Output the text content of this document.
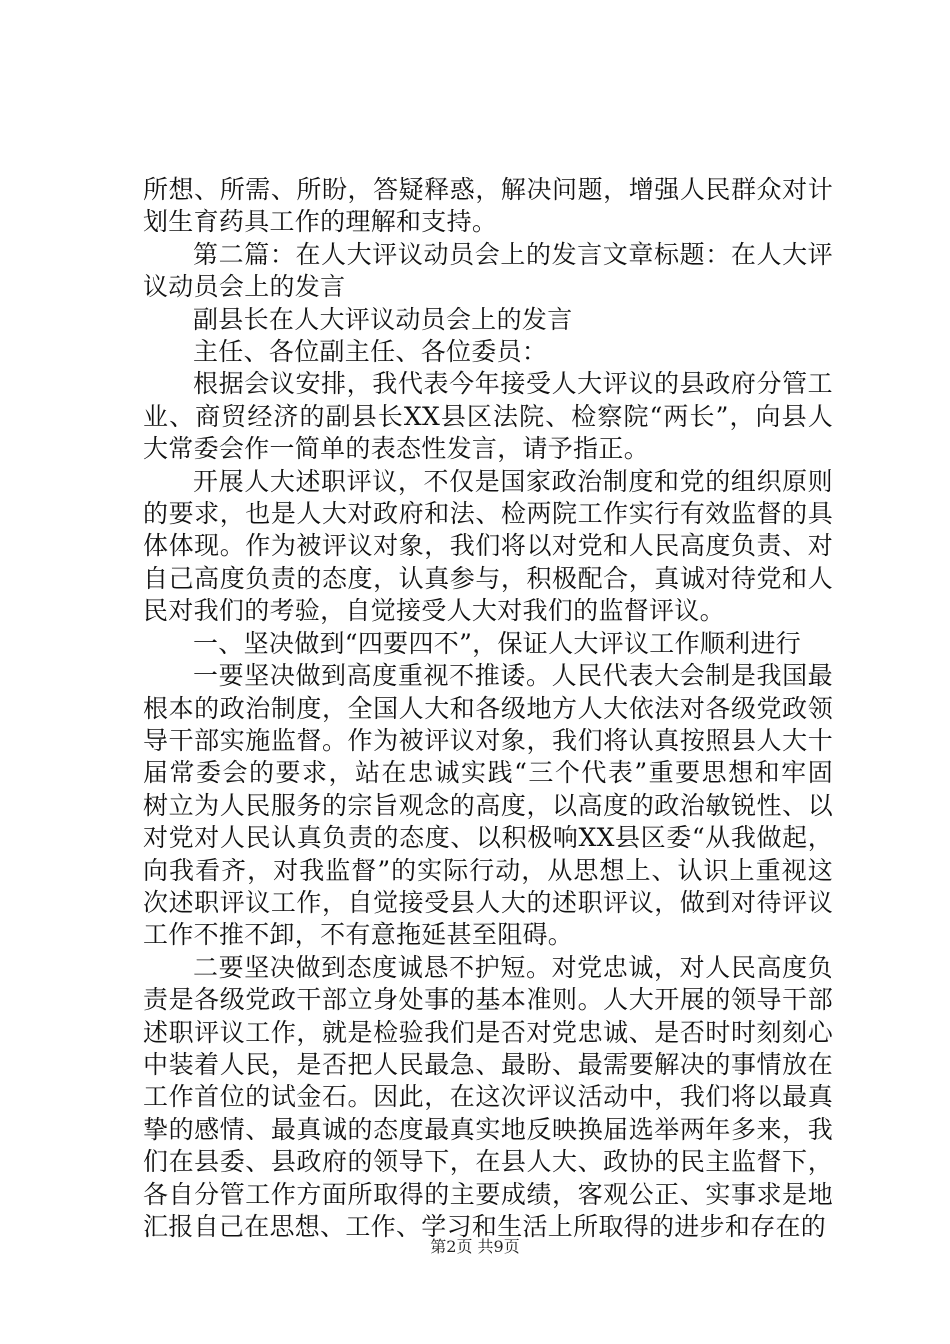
所想、所需、所盼，答疑释惑，解决问题，增强人民群众对计
划生育药具工作的理解和支持。
第二篇：在人大评议动员会上的发言文章标题：在人大评
议动员会上的发言
副县长在人大评议动员会上的发言
主任、各位副主任、各位委员：
根据会议安排，我代表今年接受人大评议的县政府分管工
业、商贸经济的副县长XX县区法院、检察院“两长”，向县人
大常委会作一简单的表态性发言，请予指正。
开展人大述职评议，不仅是国家政治制度和党的组织原则
的要求，也是人大对政府和法、检两院工作实行有效监督的具
体体现。作为被评议对象，我们将以对党和人民高度负责、对
自己高度负责的态度，认真参与，积极配合，真诚对待党和人
民对我们的考验，自觉接受人大对我们的监督评议。
一、坚决做到“四要四不”，保证人大评议工作顺利进行
一要坚决做到高度重视不推诿。人民代表大会制是我国最
根本的政治制度，全国人大和各级地方人大依法对各级党政领
导干部实施监督。作为被评议对象，我们将认真按照县人大十
届常委会的要求，站在忠诚实践“三个代表”重要思想和牢固
树立为人民服务的宗旨观念的高度，以高度的政治敏锐性、以
对党对人民认真负责的态度、以积极响XX县区委“从我做起，
向我看齐，对我监督”的实际行动，从思想上、认识上重视这
次述职评议工作，自觉接受县人大的述职评议，做到对待评议
工作不推不卸，不有意拖延甚至阻碍。
二要坚决做到态度诚恳不护短。对党忠诚，对人民高度负
责是各级党政干部立身处事的基本准则。人大开展的领导干部
述职评议工作，就是检验我们是否对党忠诚、是否时时刻刻心
中装着人民，是否把人民最急、最盼、最需要解决的事情放在
工作首位的试金石。因此，在这次评议活动中，我们将以最真
挚的感情、最真诚的态度最真实地反映换届选举两年多来，我
们在县委、县政府的领导下，在县人大、政协的民主监督下，
各自分管工作方面所取得的主要成绩，客观公正、实事求是地
汇报自己在思想、工作、学习和生活上所取得的进步和存在的
第2页 共9页
